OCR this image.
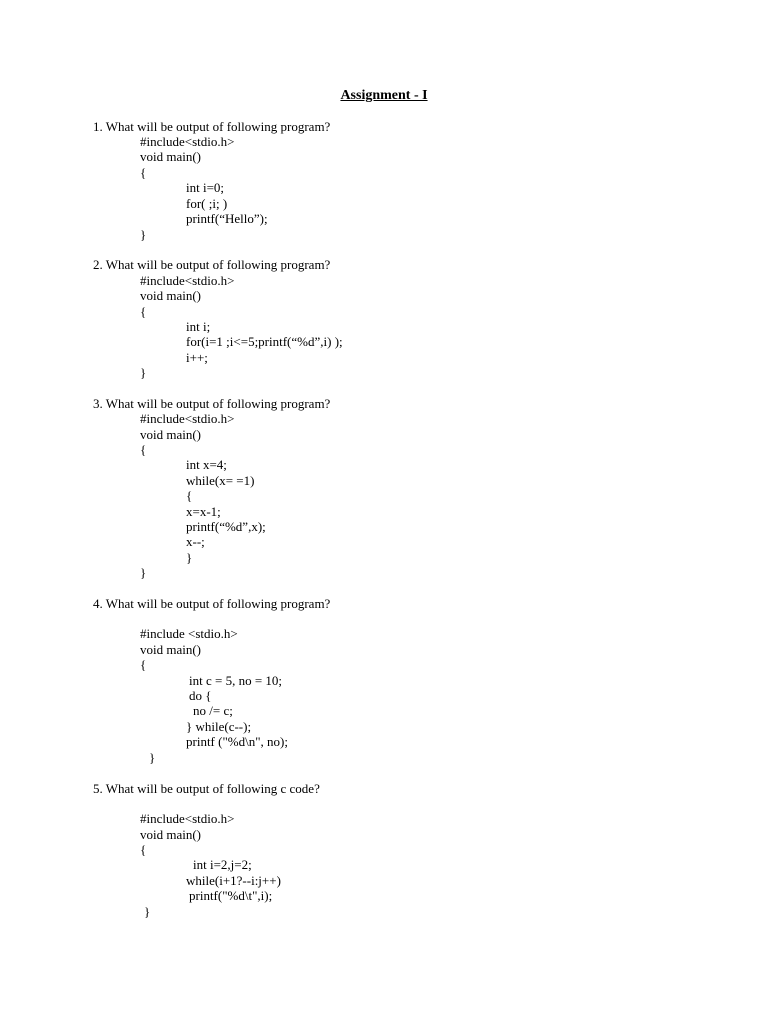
Assignment - I
1. What will be output of following program?
#include<stdio.h>
void main()
{
int i=0;
for( ;i; )
printf(“Hello”);
}
2. What will be output of following program?
#include<stdio.h>
void main()
{
int i;
for(i=1 ;i<=5;printf(“%d”,i) );
i++;
}
3. What will be output of following program?
#include<stdio.h>
void main()
{
int x=4;
while(x= =1)
{
x=x-1;
printf(“%d”,x);
x--;
}
}
4. What will be output of following program?
#include <stdio.h>
void main()
{
int c = 5, no = 10;
do {
no /= c;
} while(c--);
printf ("%d\n", no);
}
5. What will be output of following c code?
#include<stdio.h>
void main()
{
int i=2,j=2;
while(i+1?--i:j++)
printf("%d\t",i);
}
